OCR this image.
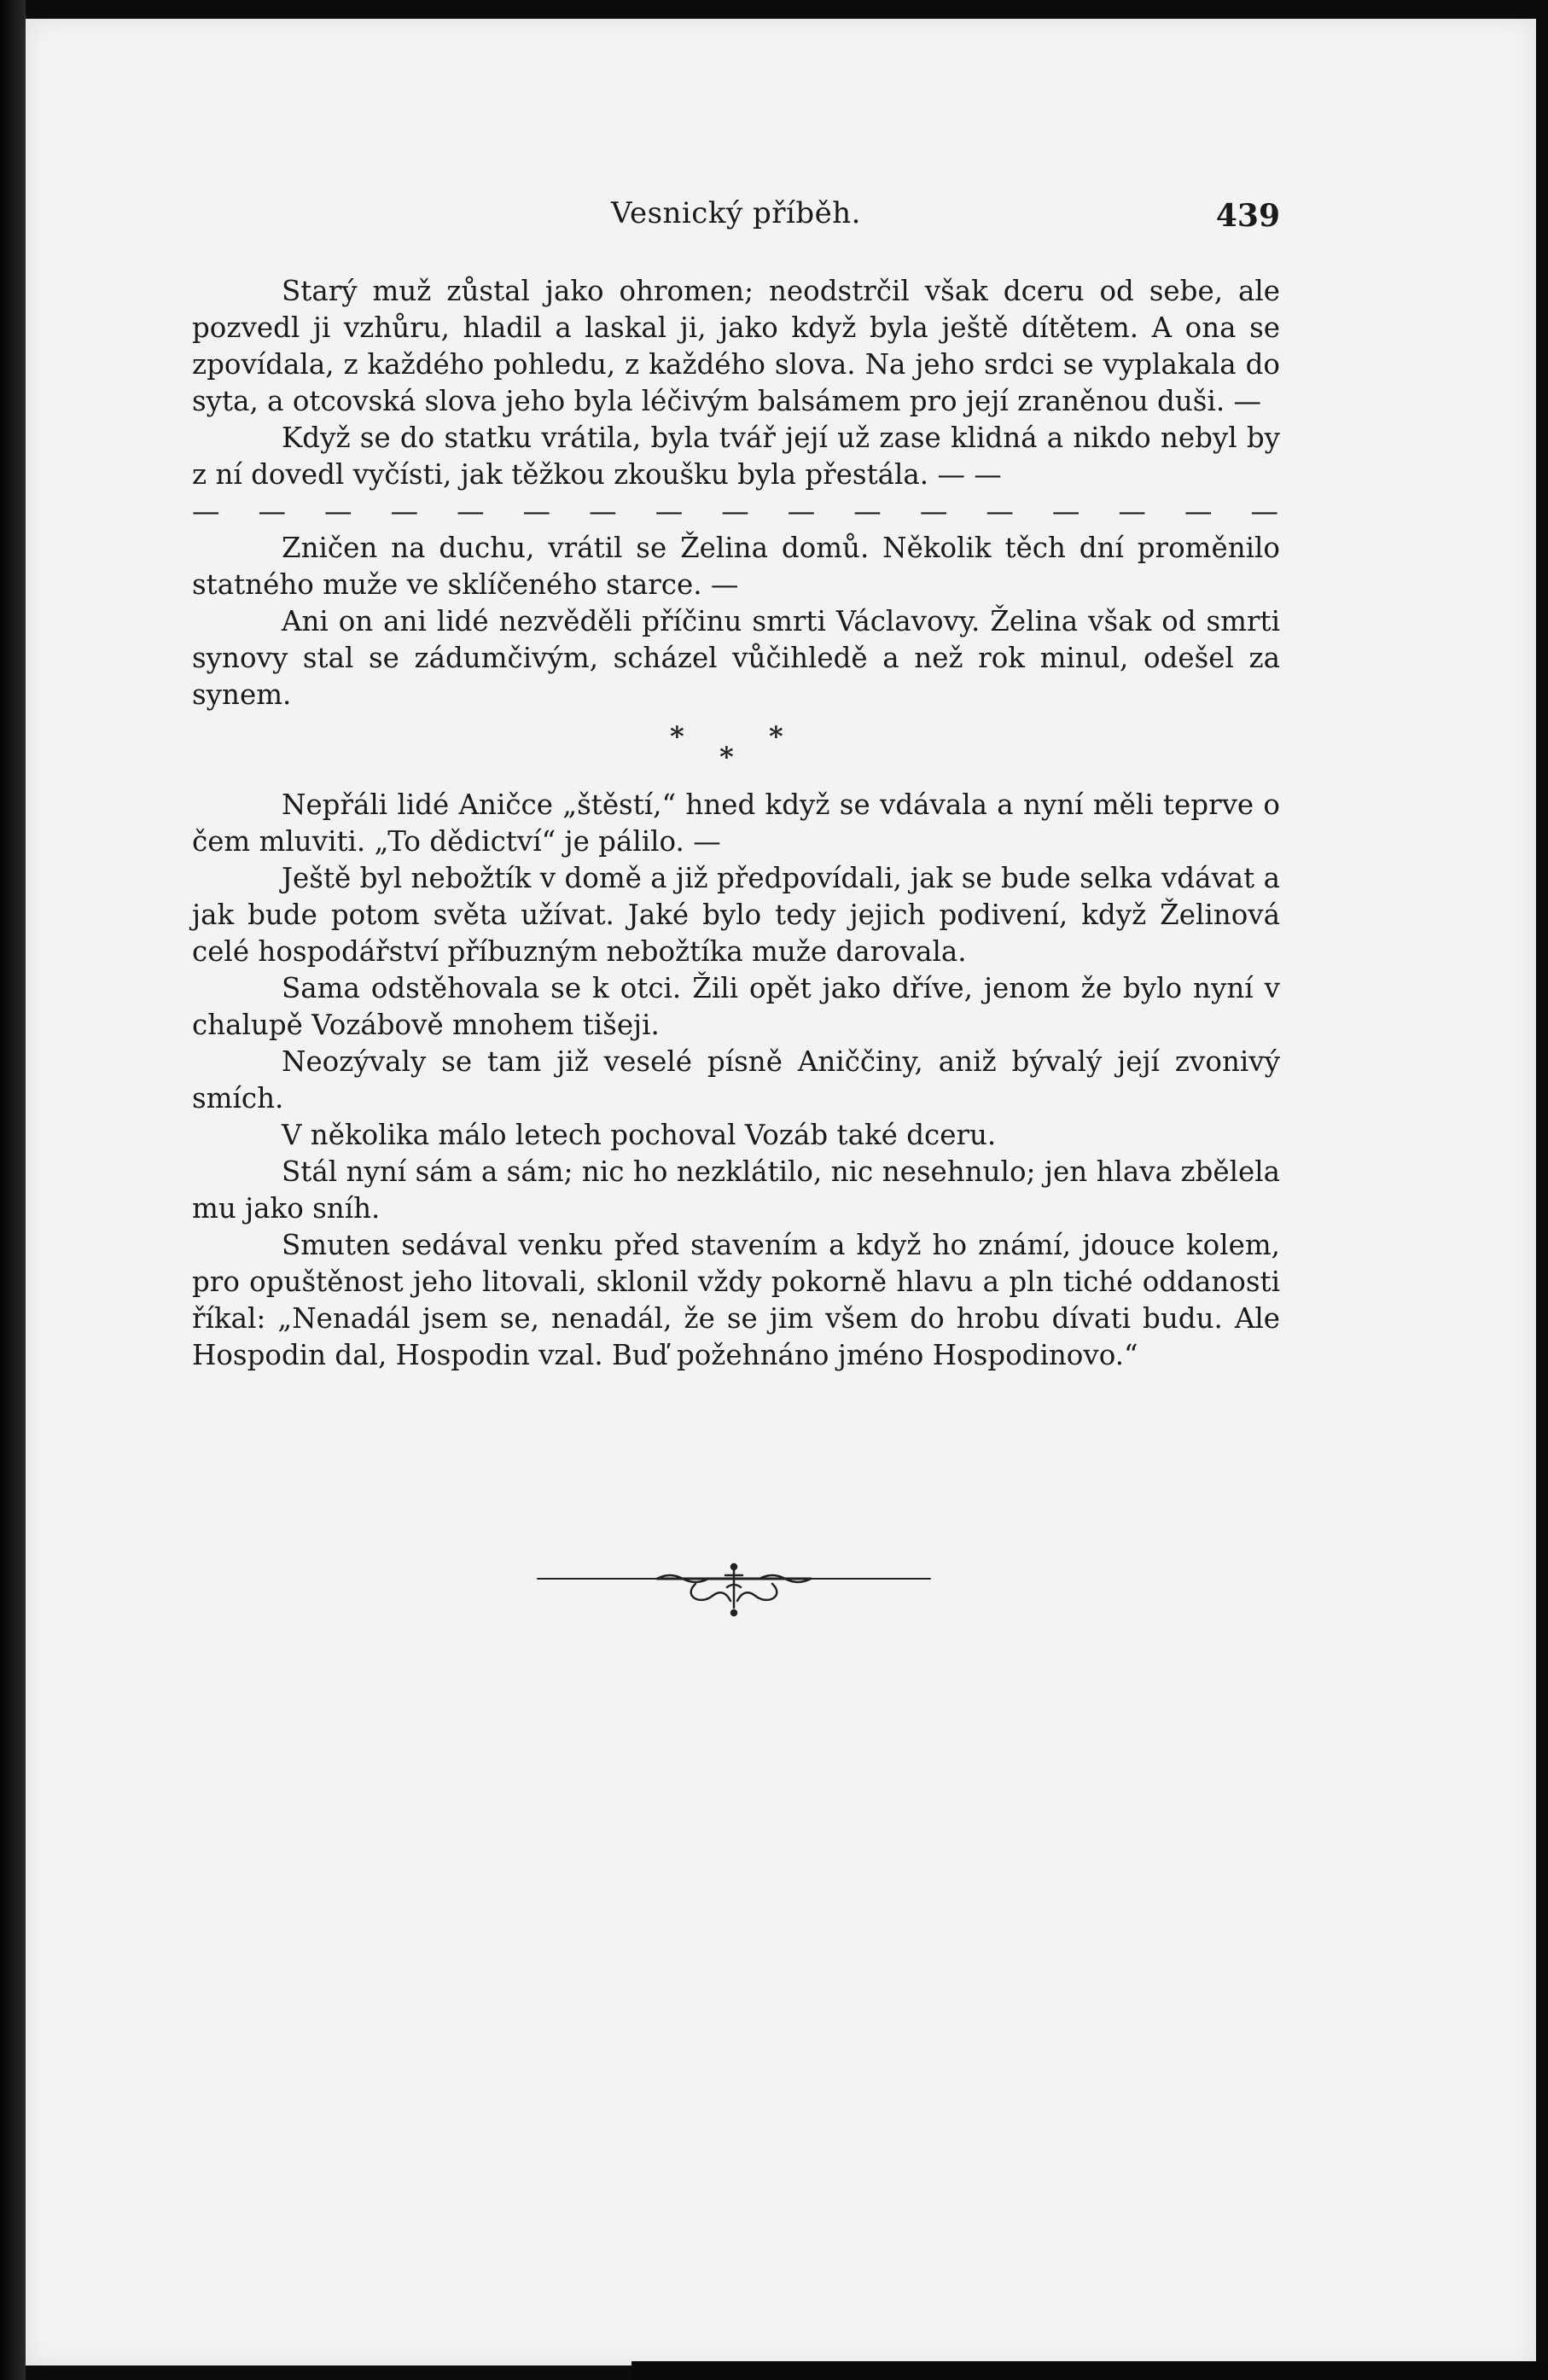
Vesnický příběh.	439

Starý muž zůstal jako ohromen; neodstrčil však dceru od sebe, ale pozvedl ji vzhůru, hladil a laskal ji, jako když byla ještě dítětem. A ona se zpovídala, z každého pohledu, z každého slova. Na jeho srdci se vyplakala do syta, a otcovská slova jeho byla léčivým balsámem pro její zraněnou duši. —

Když se do statku vrátila, byla tvář její už zase klidná a nikdo nebyl by z ní dovedl vyčísti, jak těžkou zkoušku byla přestála. — —

— — — — — — — — — — — — — — — — —

Zničen na duchu, vrátil se Želina domů. Několik těch dní proměnilo statného muže ve sklíčeného starce. —

Ani on ani lidé nezvěděli příčinu smrti Václavovy. Želina však od smrti synovy stal se zádumčivým, scházel vůčihledě a než rok minul, odešel za synem.

*
*
*

Nepřáli lidé Aničce „štěstí,“ hned když se vdávala a nyní měli teprve o čem mluviti. „To dědictví“ je pálilo. —

Ještě byl nebožtík v domě a již předpovídali, jak se bude selka vdávat a jak bude potom světa užívat. Jaké bylo tedy jejich podivení, když Želinová celé hospodářství příbuzným nebožtíka muže darovala.

Sama odstěhovala se k otci. Žili opět jako dříve, jenom že bylo nyní v chalupě Vozábově mnohem tišeji.

Neozývaly se tam již veselé písně Aniččiny, aniž bývalý její zvonivý smích.

V několika málo letech pochoval Vozáb také dceru.

Stál nyní sám a sám; nic ho nezklátilo, nic nesehnulo; jen hlava zbělela mu jako sníh.

Smuten sedával venku před stavením a když ho známí, jdouce kolem, pro opuštěnost jeho litovali, sklonil vždy pokorně hlavu a pln tiché oddanosti říkal: „Nenadál jsem se, nenadál, že se jim všem do hrobu dívati budu. Ale Hospodin dal, Hospodin vzal. Buď požehnáno jméno Hospodinovo.“
